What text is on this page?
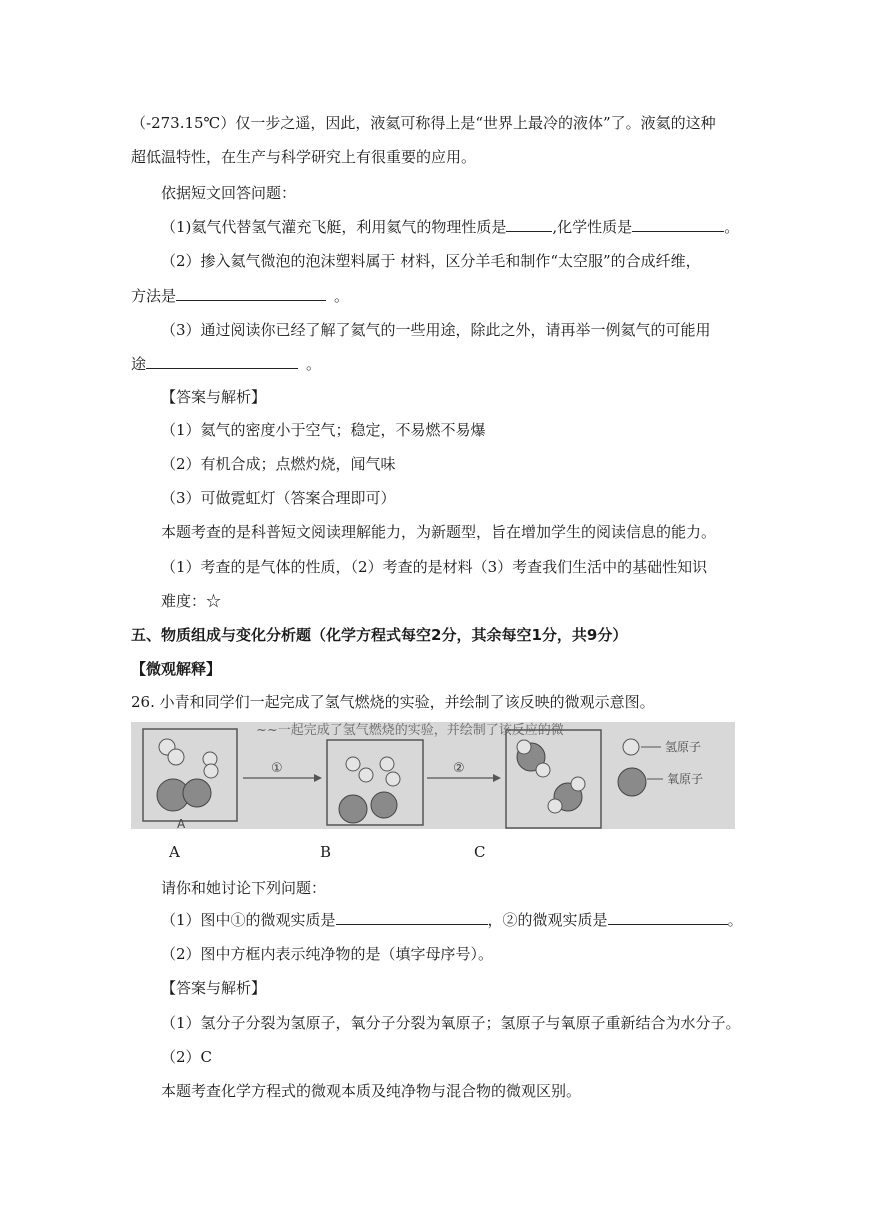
（-273.15℃）仅一步之遥，因此，液氦可称得上是“世界上最冷的液体”了。液氦的这种
超低温特性，在生产与科学研究上有很重要的应用。
依据短文回答问题：
（1)氦气代替氢气灌充飞艇，利用氦气的物理性质是	,化学性质是	。
（2）掺入氦气微泡的泡沫塑料属于 材料，区分羊毛和制作“太空服”的合成纤维，
方法是	。
（3）通过阅读你已经了解了氦气的一些用途，除此之外，请再举一例氦气的可能用
途	。
【答案与解析】
（1）氦气的密度小于空气；稳定，不易燃不易爆
（2）有机合成；点燃灼烧，闻气味
（3）可做霓虹灯（答案合理即可）
本题考查的是科普短文阅读理解能力，为新题型，旨在增加学生的阅读信息的能力。
（1）考查的是气体的性质，（2）考查的是材料（3）考查我们生活中的基础性知识
难度：☆
五、物质组成与变化分析题（化学方程式每空2分，其余每空1分，共9分）
【微观解释】
26. 小青和同学们一起完成了氢气燃烧的实验，并绘制了该反映的微观示意图。
~~一起完成了氢气燃烧的实验，并绘制了该反应的微
A
①	②
氢原子
氧原子
A	B	C
请你和她讨论下列问题：
（1）图中①的微观实质是	，②的微观实质是	。
（2）图中方框内表示纯净物的是（填字母序号）。
【答案与解析】
（1）氢分子分裂为氢原子，氧分子分裂为氧原子；氢原子与氧原子重新结合为水分子。
（2）C
本题考查化学方程式的微观本质及纯净物与混合物的微观区别。
